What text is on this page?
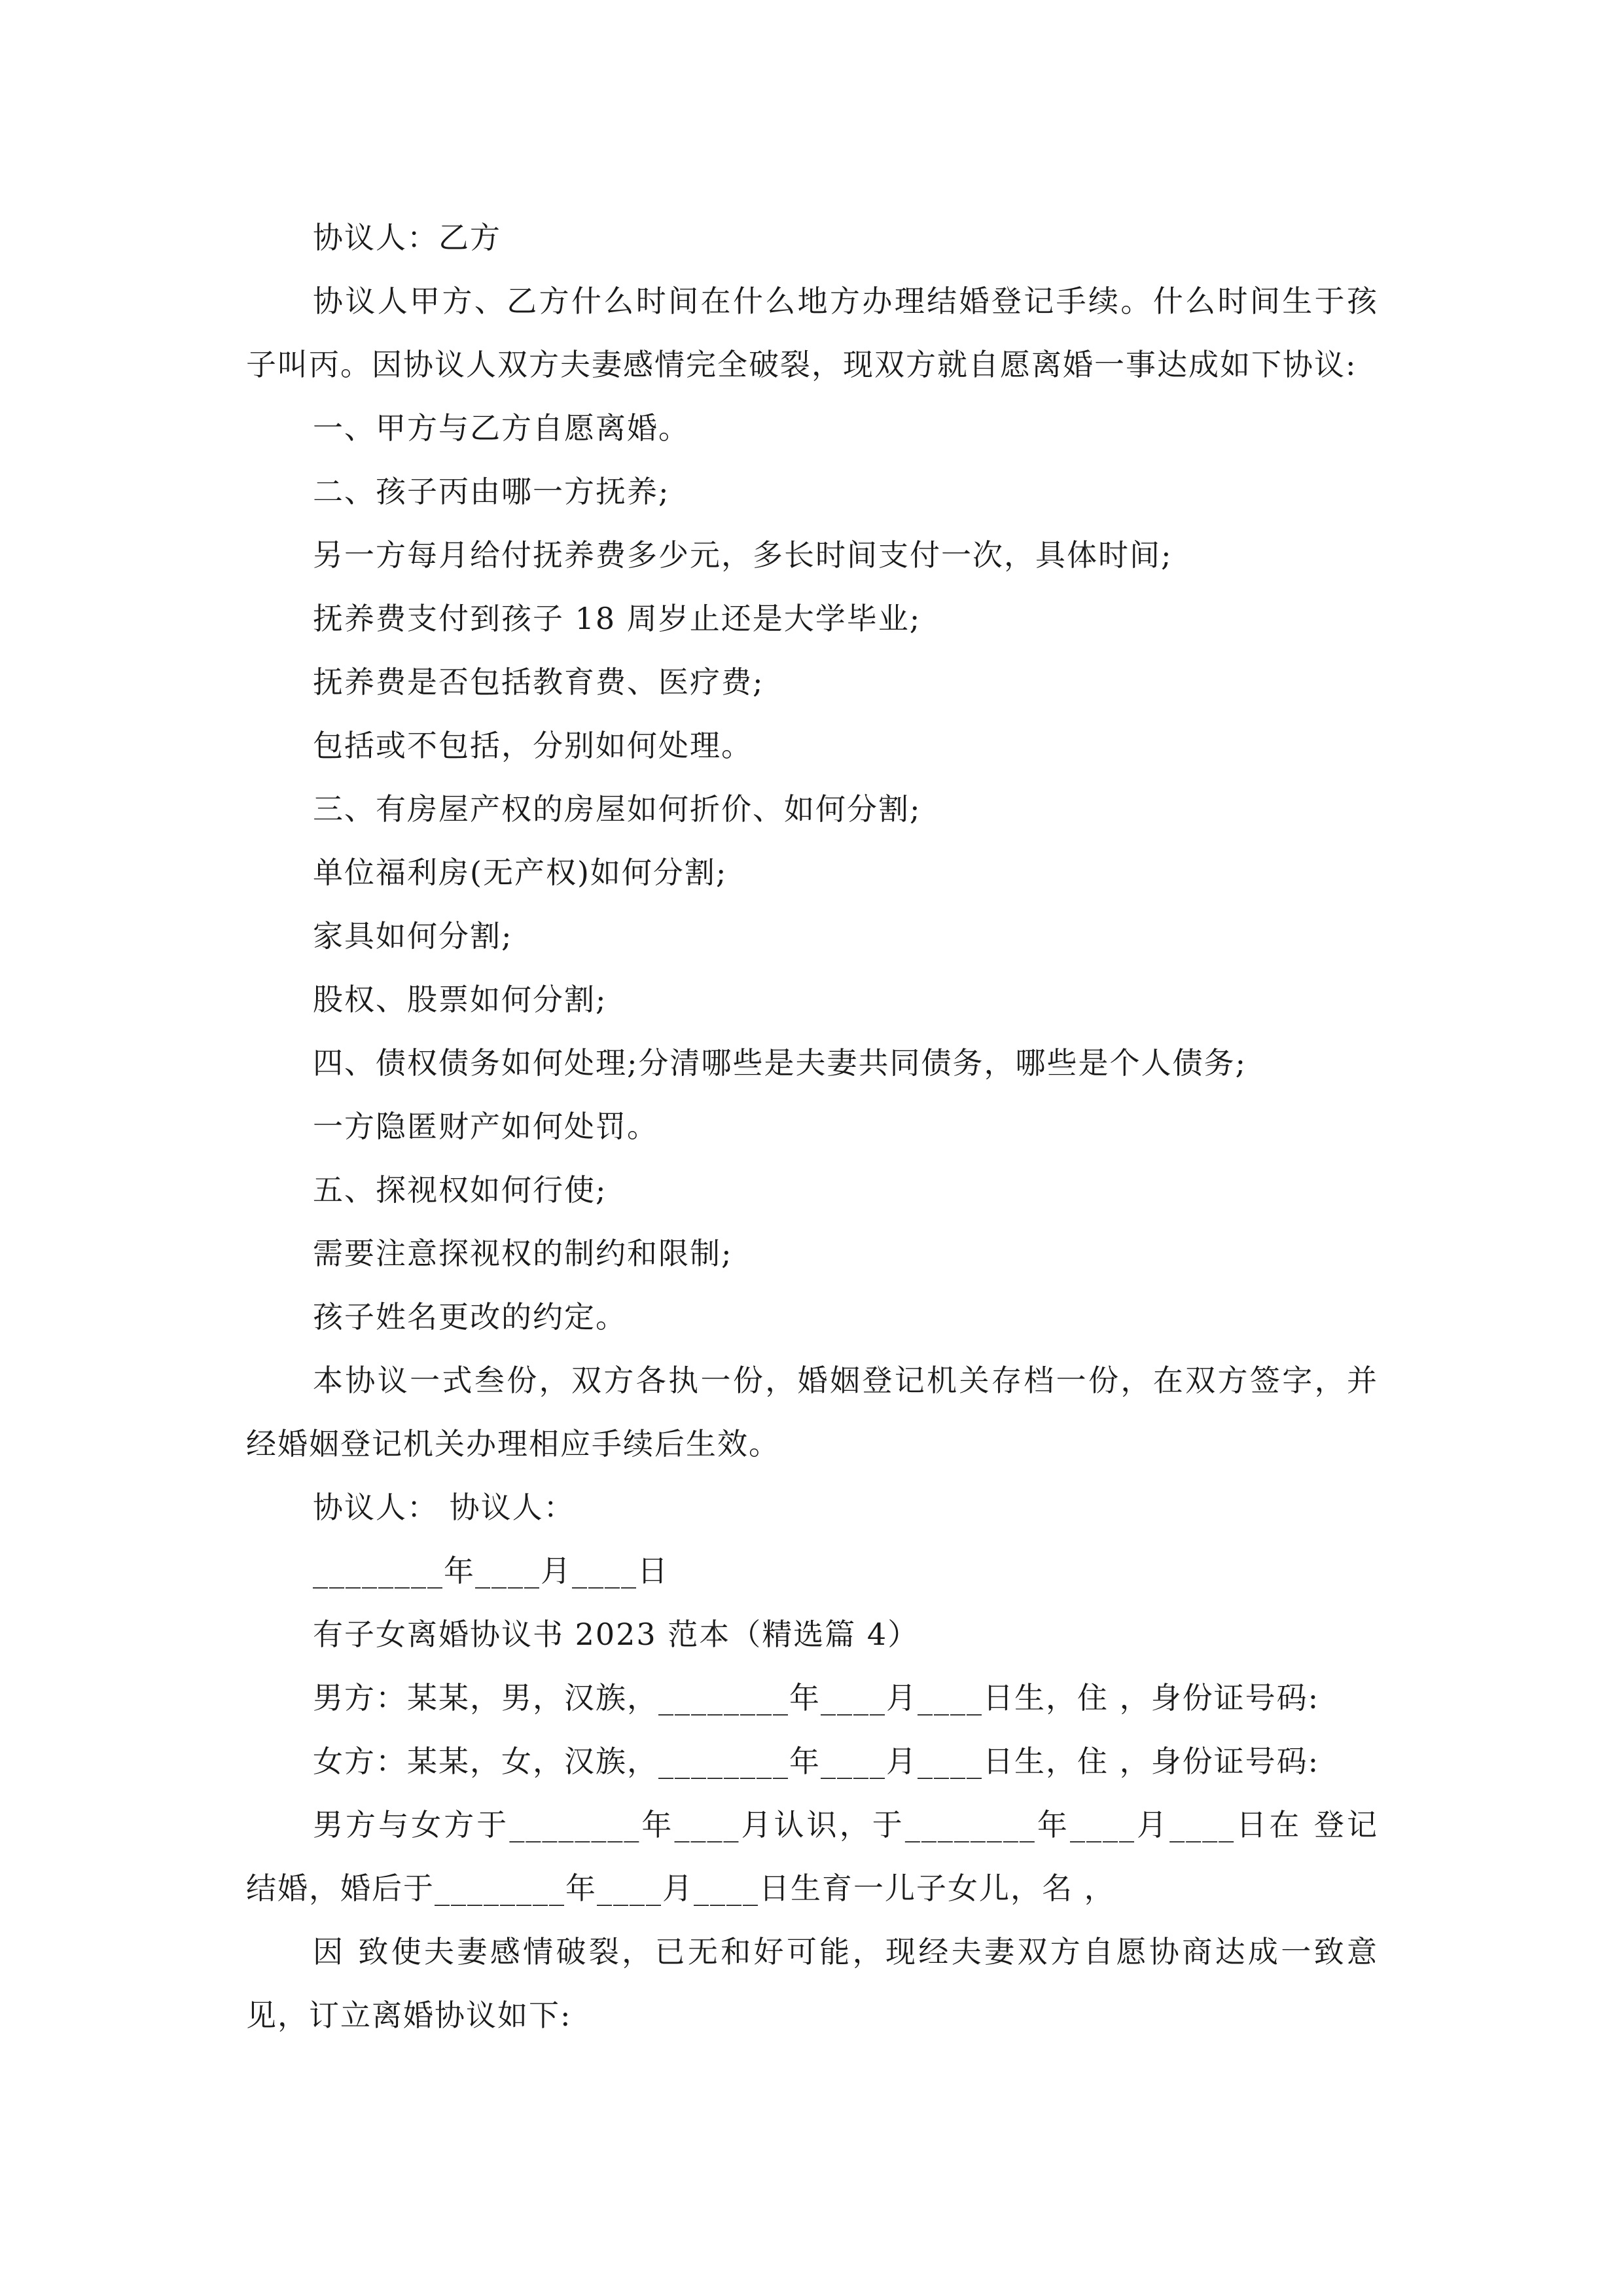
协议人：乙方

协议人甲方、乙方什么时间在什么地方办理结婚登记手续。什么时间生于孩子叫丙。因协议人双方夫妻感情完全破裂，现双方就自愿离婚一事达成如下协议:

一、甲方与乙方自愿离婚。

二、孩子丙由哪一方抚养;

另一方每月给付抚养费多少元，多长时间支付一次，具体时间;

抚养费支付到孩子 18 周岁止还是大学毕业;

抚养费是否包括教育费、医疗费;

包括或不包括，分别如何处理。

三、有房屋产权的房屋如何折价、如何分割;

单位福利房(无产权)如何分割;

家具如何分割;

股权、股票如何分割;

四、债权债务如何处理;分清哪些是夫妻共同债务，哪些是个人债务;

一方隐匿财产如何处罚。

五、探视权如何行使;

需要注意探视权的制约和限制;

孩子姓名更改的约定。

本协议一式叁份，双方各执一份，婚姻登记机关存档一份，在双方签字，并经婚姻登记机关办理相应手续后生效。

协议人： 协议人：

________年____月____日

有子女离婚协议书 2023 范本（精选篇 4）

男方：某某，男，汉族，________年____月____日生，住 ，身份证号码:

女方：某某，女，汉族，________年____月____日生，住 ，身份证号码:

男方与女方于________年____月认识，于________年____月____日在 登记结婚，婚后于________年____月____日生育一儿子女儿，名 ，

因 致使夫妻感情破裂，已无和好可能，现经夫妻双方自愿协商达成一致意见，订立离婚协议如下:
